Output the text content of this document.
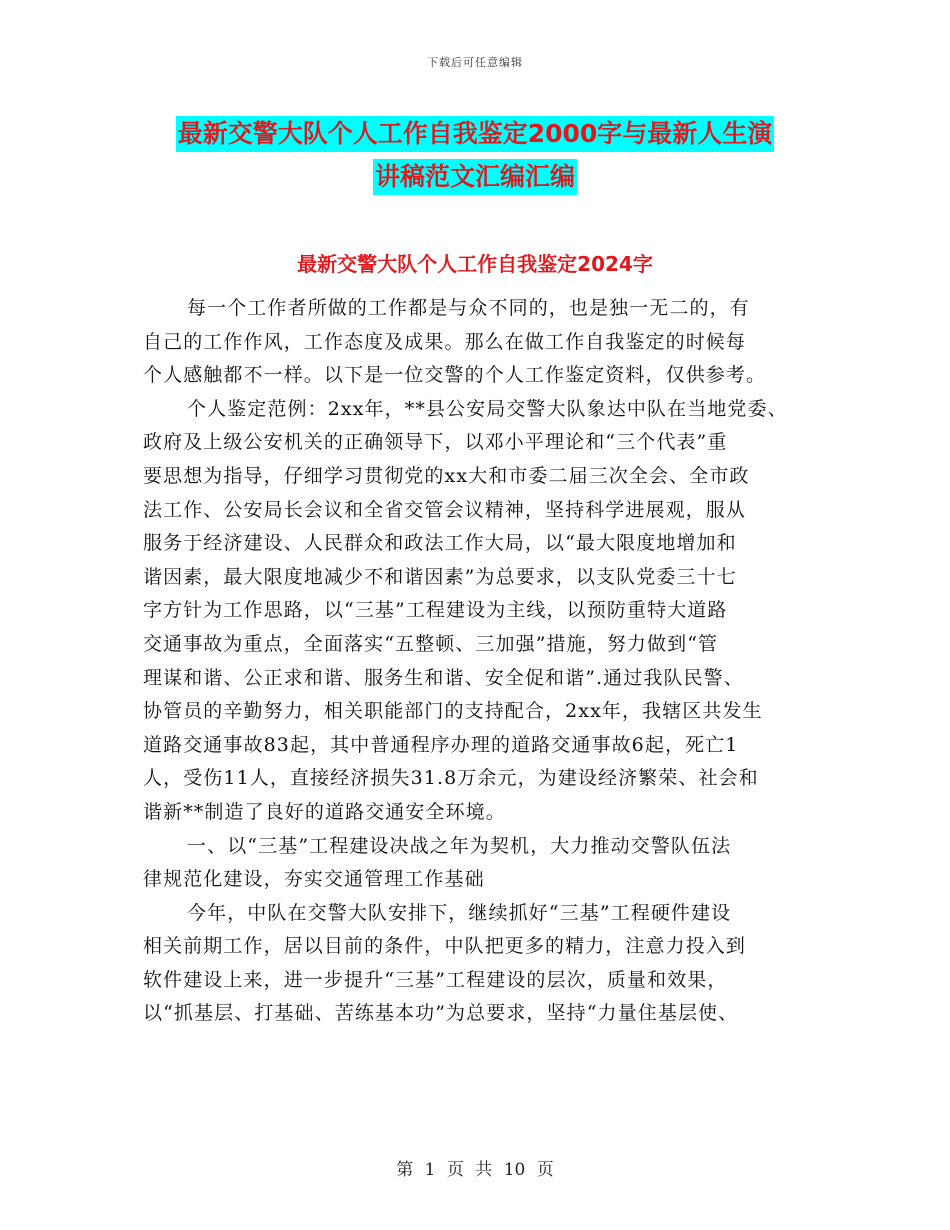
下载后可任意编辑
最新交警大队个人工作自我鉴定2000字与最新人生演
讲稿范文汇编汇编
最新交警大队个人工作自我鉴定2024字
每一个工作者所做的工作都是与众不同的，也是独一无二的，有
自己的工作作风，工作态度及成果。那么在做工作自我鉴定的时候每
个人感触都不一样。以下是一位交警的个人工作鉴定资料，仅供参考。
个人鉴定范例：2xx年，**县公安局交警大队象达中队在当地党委、
政府及上级公安机关的正确领导下，以邓小平理论和“三个代表”重
要思想为指导，仔细学习贯彻党的xx大和市委二届三次全会、全市政
法工作、公安局长会议和全省交管会议精神，坚持科学进展观，服从
服务于经济建设、人民群众和政法工作大局，以“最大限度地增加和
谐因素，最大限度地减少不和谐因素”为总要求，以支队党委三十七
字方针为工作思路，以“三基”工程建设为主线，以预防重特大道路
交通事故为重点，全面落实“五整顿、三加强”措施，努力做到“管
理谋和谐、公正求和谐、服务生和谐、安全促和谐”.通过我队民警、
协管员的辛勤努力，相关职能部门的支持配合，2xx年，我辖区共发生
道路交通事故83起，其中普通程序办理的道路交通事故6起，死亡1
人，受伤11人，直接经济损失31.8万余元，为建设经济繁荣、社会和
谐新**制造了良好的道路交通安全环境。
一、以“三基”工程建设决战之年为契机，大力推动交警队伍法
律规范化建设，夯实交通管理工作基础
今年，中队在交警大队安排下，继续抓好“三基”工程硬件建设
相关前期工作，居以目前的条件，中队把更多的精力，注意力投入到
软件建设上来，进一步提升“三基”工程建设的层次，质量和效果，
以“抓基层、打基础、苦练基本功”为总要求，坚持“力量住基层使、
第 1 页 共 10 页
